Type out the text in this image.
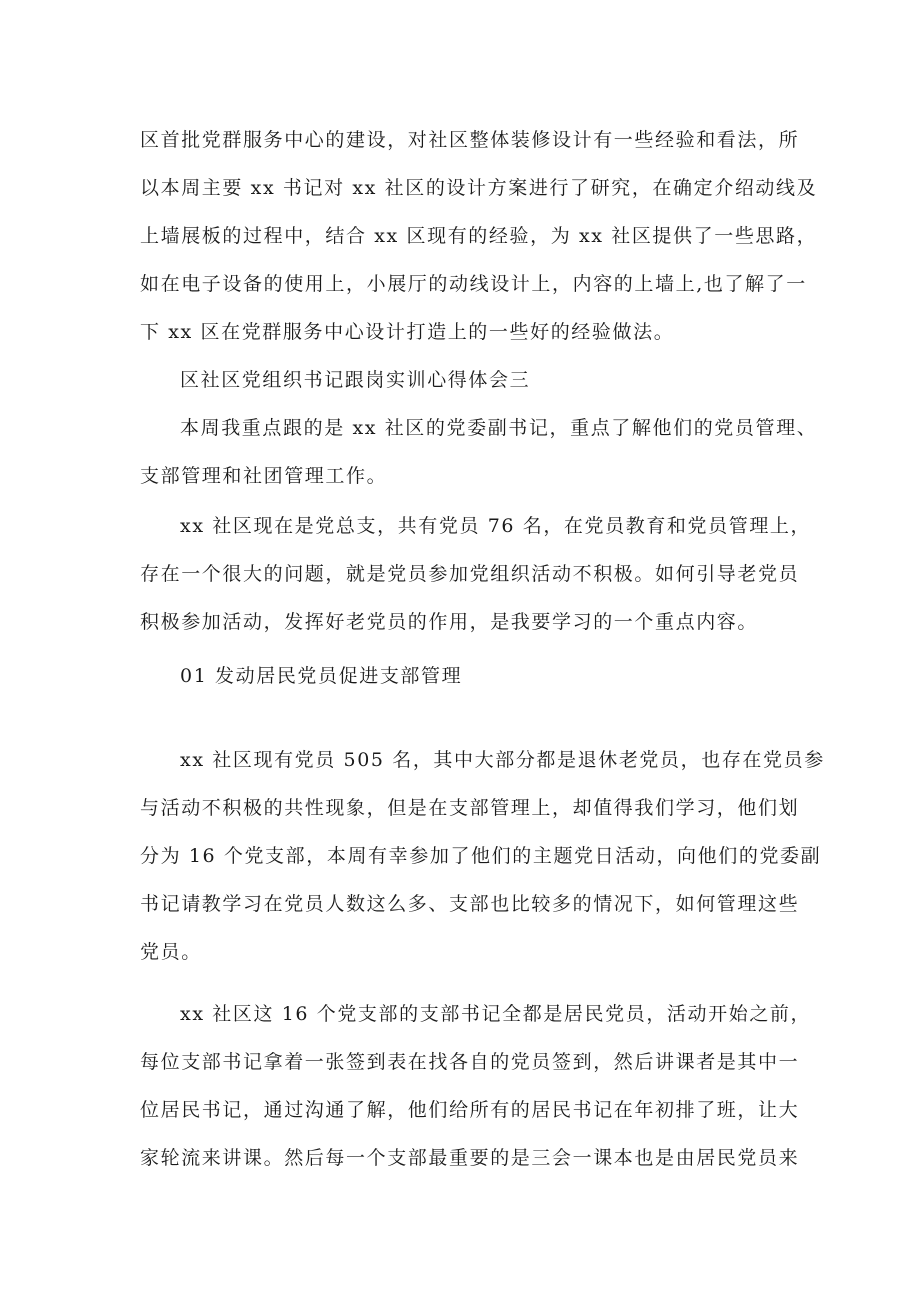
区首批党群服务中心的建设，对社区整体装修设计有一些经验和看法，所
以本周主要 xx 书记对 xx 社区的设计方案进行了研究，在确定介绍动线及
上墙展板的过程中，结合 xx 区现有的经验，为 xx 社区提供了一些思路，
如在电子设备的使用上，小展厅的动线设计上，内容的上墙上,也了解了一
下 xx 区在党群服务中心设计打造上的一些好的经验做法。
区社区党组织书记跟岗实训心得体会三
本周我重点跟的是 xx 社区的党委副书记，重点了解他们的党员管理、
支部管理和社团管理工作。
xx 社区现在是党总支，共有党员 76 名，在党员教育和党员管理上，
存在一个很大的问题，就是党员参加党组织活动不积极。如何引导老党员
积极参加活动，发挥好老党员的作用，是我要学习的一个重点内容。
01 发动居民党员促进支部管理
xx 社区现有党员 505 名，其中大部分都是退休老党员，也存在党员参
与活动不积极的共性现象，但是在支部管理上，却值得我们学习，他们划
分为 16 个党支部，本周有幸参加了他们的主题党日活动，向他们的党委副
书记请教学习在党员人数这么多、支部也比较多的情况下，如何管理这些
党员。
xx 社区这 16 个党支部的支部书记全都是居民党员，活动开始之前，
每位支部书记拿着一张签到表在找各自的党员签到，然后讲课者是其中一
位居民书记，通过沟通了解，他们给所有的居民书记在年初排了班，让大
家轮流来讲课。然后每一个支部最重要的是三会一课本也是由居民党员来
